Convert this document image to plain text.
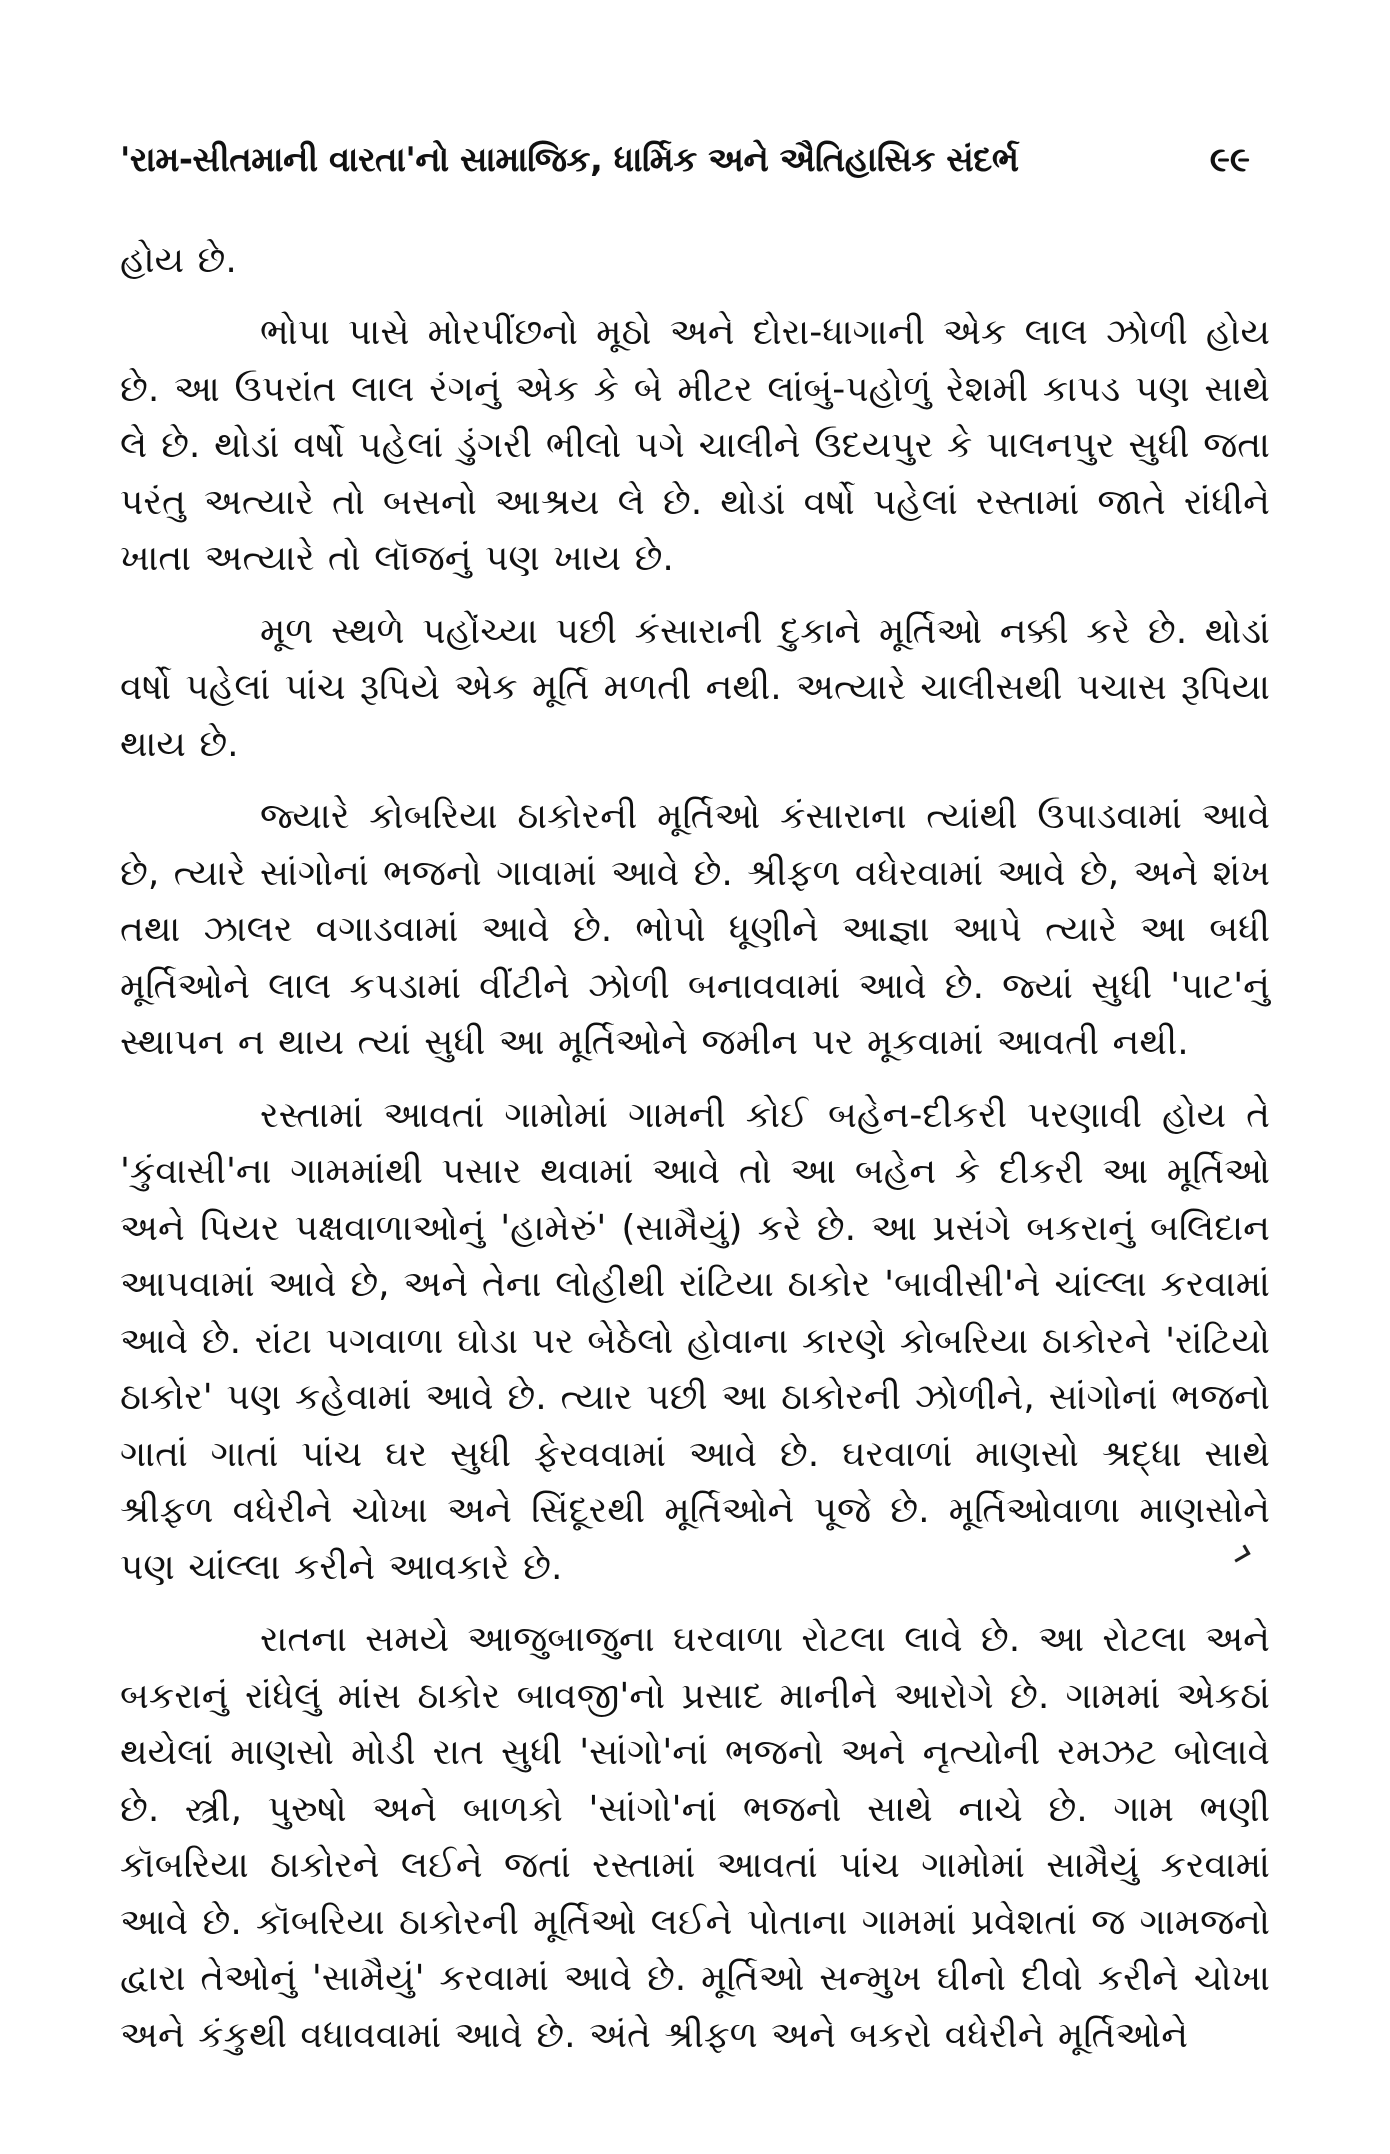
'રામ-સીતમાની વારતા'નો સામાજિક, ધાર્મિક અને ઐતિહાસિક સંદર્ભ	૯૯

હોય છે.

ભોપા પાસે મોરપીંછનો મૂઠો અને દોરા-ધાગાની એક લાલ ઝોળી હોય છે. આ ઉપરાંત લાલ રંગનું એક કે બે મીટર લાંબું-પહોળું રેશમી કાપડ પણ સાથે લે છે. થોડાં વર્ષો પહેલાં ડુંગરી ભીલો પગે ચાલીને ઉદયપુર કે પાલનપુર સુધી જતા પરંતુ અત્યારે તો બસનો આશ્રય લે છે. થોડાં વર્ષો પહેલાં રસ્તામાં જાતે રાંધીને ખાતા અત્યારે તો લૉજનું પણ ખાય છે.

મૂળ સ્થળે પહોંચ્યા પછી કંસારાની દુકાને મૂર્તિઓ નક્કી કરે છે. થોડાં વર્ષો પહેલાં પાંચ રૂપિયે એક મૂર્તિ મળતી નથી. અત્યારે ચાલીસથી પચાસ રૂપિયા થાય છે.

જ્યારે કોબરિયા ઠાકોરની મૂર્તિઓ કંસારાના ત્યાંથી ઉપાડવામાં આવે છે, ત્યારે સાંગોનાં ભજનો ગાવામાં આવે છે. શ્રીફળ વધેરવામાં આવે છે, અને શંખ તથા ઝાલર વગાડવામાં આવે છે. ભોપો ધૂણીને આજ્ઞા આપે ત્યારે આ બધી મૂર્તિઓને લાલ કપડામાં વીંટીને ઝોળી બનાવવામાં આવે છે. જ્યાં સુધી 'પાટ'નું સ્થાપન ન થાય ત્યાં સુધી આ મૂર્તિઓને જમીન પર મૂકવામાં આવતી નથી.

રસ્તામાં આવતાં ગામોમાં ગામની કોઈ બહેન-દીકરી પરણાવી હોય તે 'કુંવાસી'ના ગામમાંથી પસાર થવામાં આવે તો આ બહેન કે દીકરી આ મૂર્તિઓ અને પિયર પક્ષવાળાઓનું 'હામેરું' (સામૈયું) કરે છે. આ પ્રસંગે બકરાનું બલિદાન આપવામાં આવે છે, અને તેના લોહીથી રાંટિયા ઠાકોર 'બાવીસી'ને ચાંલ્લા કરવામાં આવે છે. રાંટા પગવાળા ઘોડા પર બેઠેલો હોવાના કારણે કોબરિયા ઠાકોરને 'રાંટિયો ઠાકોર' પણ કહેવામાં આવે છે. ત્યાર પછી આ ઠાકોરની ઝોળીને, સાંગોનાં ભજનો ગાતાં ગાતાં પાંચ ઘર સુધી ફેરવવામાં આવે છે. ઘરવાળાં માણસો શ્રદ્ધા સાથે શ્રીફળ વધેરીને ચોખા અને સિંદૂરથી મૂર્તિઓને પૂજે છે. મૂર્તિઓવાળા માણસોને પણ ચાંલ્લા કરીને આવકારે છે.

રાતના સમયે આજુબાજુના ઘરવાળા રોટલા લાવે છે. આ રોટલા અને બકરાનું રાંધેલું માંસ ઠાકોર બાવજી'નો પ્રસાદ માનીને આરોગે છે. ગામમાં એકઠાં થયેલાં માણસો મોડી રાત સુધી 'સાંગો'નાં ભજનો અને નૃત્યોની રમઝટ બોલાવે છે. સ્ત્રી, પુરુષો અને બાળકો 'સાંગો'નાં ભજનો સાથે નાચે છે. ગામ ભણી કૉબરિયા ઠાકોરને લઈને જતાં રસ્તામાં આવતાં પાંચ ગામોમાં સામૈયું કરવામાં આવે છે. કૉબરિયા ઠાકોરની મૂર્તિઓ લઈને પોતાના ગામમાં પ્રવેશતાં જ ગામજનો દ્વારા તેઓનું 'સામૈયું' કરવામાં આવે છે. મૂર્તિઓ સન્મુખ ઘીનો દીવો કરીને ચોખા અને કંકુથી વધાવવામાં આવે છે. અંતે શ્રીફળ અને બકરો વધેરીને મૂર્તિઓને
